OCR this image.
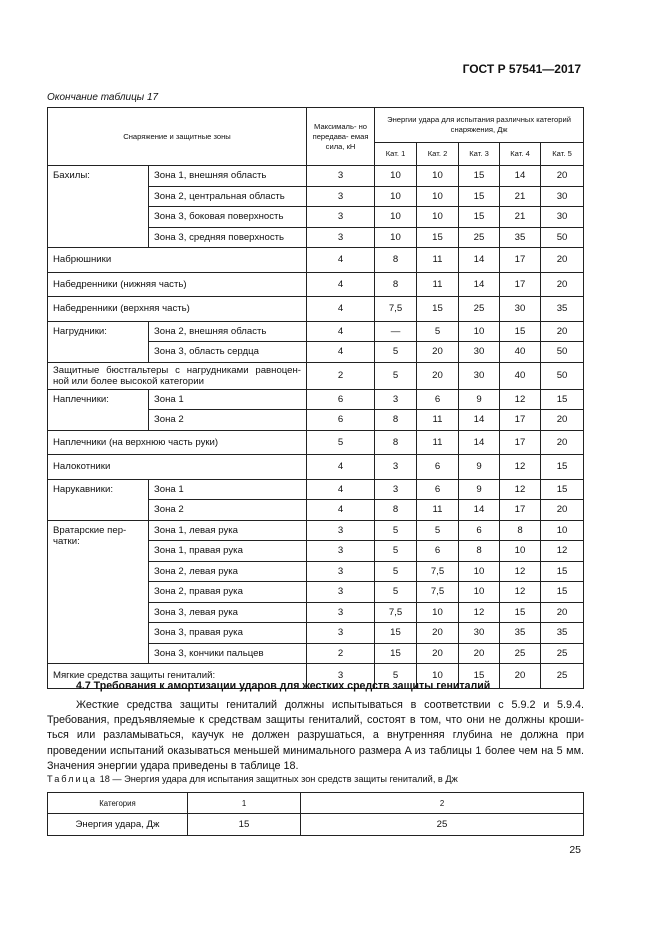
ГОСТ Р 57541—2017
Окончание таблицы 17
Снаряжение и защитные зоны		Максималь- но передава- емая сила, кН	Энергии удара для испытания различных категорий снаряжения, Дж				
			Кат. 1	Кат. 2	Кат. 3	Кат. 4	Кат. 5
Бахилы:	Зона 1, внешняя область	3	10	10	15	14	20
	Зона 2, центральная область	3	10	10	15	21	30
	Зона 3, боковая поверхность	3	10	10	15	21	30
	Зона 3, средняя поверхность	3	10	15	25	35	50
Набрюшники		4	8	11	14	17	20
Набедренники (нижняя часть)		4	8	11	14	17	20
Набедренники (верхняя часть)		4	7,5	15	25	30	35
Нагрудники:	Зона 2, внешняя область	4	—	5	10	15	20
	Зона 3, область сердца	4	5	20	30	40	50
Защитные бюстгальтеры с нагрудниками равноцен- ной или более высокой категории		2	5	20	30	40	50
Наплечники:	Зона 1	6	3	6	9	12	15
	Зона 2	6	8	11	14	17	20
Наплечники (на верхнюю часть руки)		5	8	11	14	17	20
Налокотники		4	3	6	9	12	15
Нарукавники:	Зона 1	4	3	6	9	12	15
	Зона 2	4	8	11	14	17	20
Вратарские пер- чатки:	Зона 1, левая рука	3	5	5	6	8	10
	Зона 1, правая рука	3	5	6	8	10	12
	Зона 2, левая рука	3	5	7,5	10	12	15
	Зона 2, правая рука	3	5	7,5	10	12	15
	Зона 3, левая рука	3	7,5	10	12	15	20
	Зона 3, правая рука	3	15	20	30	35	35
	Зона 3, кончики пальцев	2	15	20	20	25	25
Мягкие средства защиты гениталий:		3	5	10	15	20	25
4.7 Требования к амортизации ударов для жестких средств защиты гениталий

Жесткие средства защиты гениталий должны испытываться в соответствии с 5.9.2 и 5.9.4. Требования, предъявляемые к средствам защиты гениталий, состоят в том, что они не должны крошиться или разламываться, каучук не должен разрушаться, а внутренняя глубина не должна при проведении испытаний оказываться меньшей минимального размера A из таблицы 1 более чем на 5 мм. Значения энергии удара приведены в таблице 18.

Таблица 18 — Энергия удара для испытания защитных зон средств защиты гениталий, в Дж
Категория	1	2
Энергия удара, Дж	15	25
25
